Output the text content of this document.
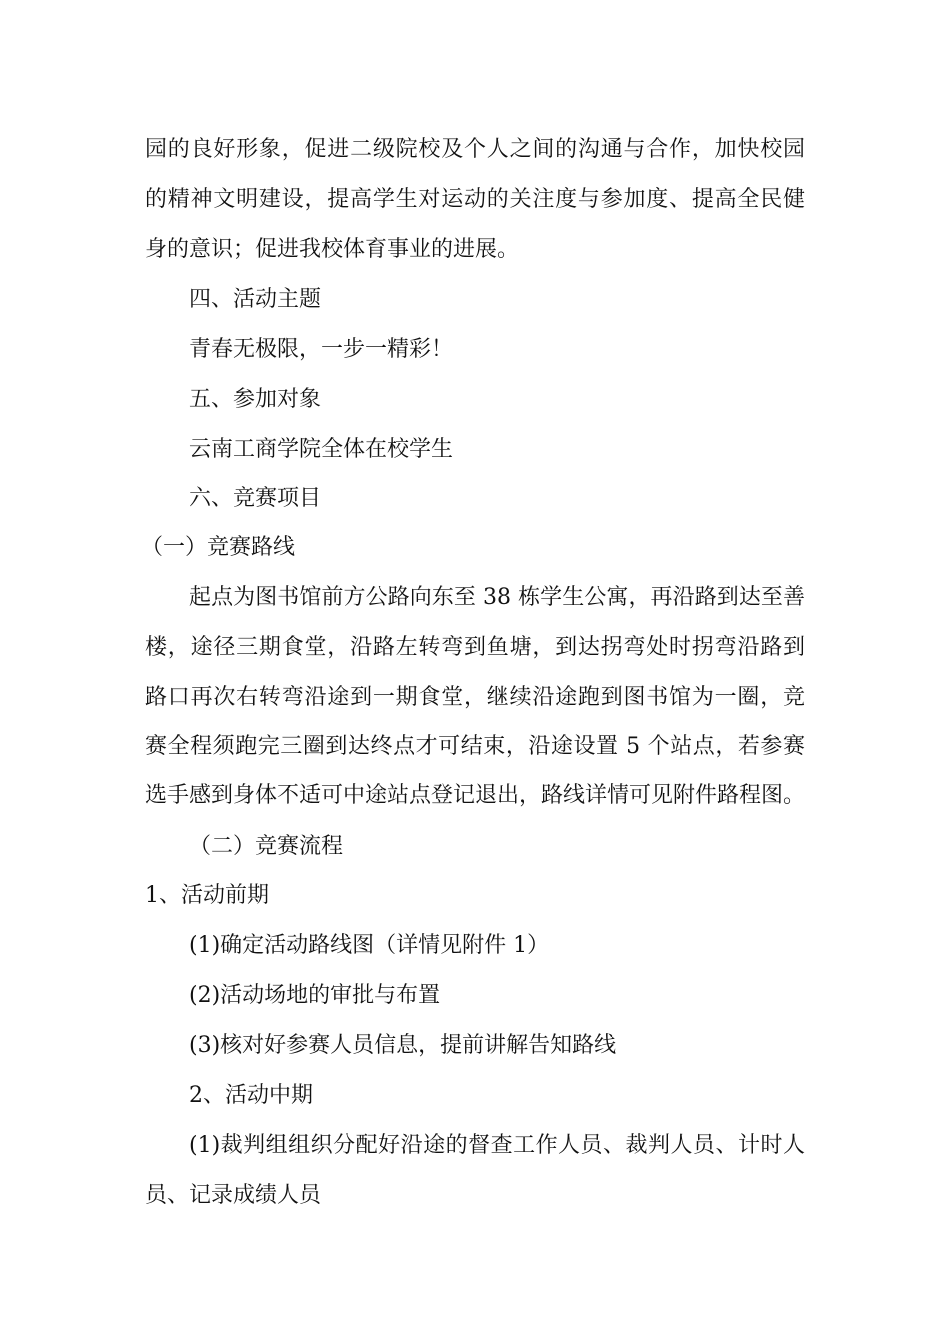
园的良好形象，促进二级院校及个人之间的沟通与合作，加快校园
的精神文明建设，提高学生对运动的关注度与参加度、提高全民健
身的意识；促进我校体育事业的进展。
四、活动主题
青春无极限，一步一精彩！
五、参加对象
云南工商学院全体在校学生
六、竞赛项目
（一）竞赛路线
起点为图书馆前方公路向东至 38 栋学生公寓，再沿路到达至善
楼，途径三期食堂，沿路左转弯到鱼塘，到达拐弯处时拐弯沿路到
路口再次右转弯沿途到一期食堂，继续沿途跑到图书馆为一圈，竞
赛全程须跑完三圈到达终点才可结束，沿途设置 5 个站点，若参赛
选手感到身体不适可中途站点登记退出，路线详情可见附件路程图。
（二）竞赛流程
1、活动前期
(1)确定活动路线图（详情见附件 1）
(2)活动场地的审批与布置
(3)核对好参赛人员信息，提前讲解告知路线
2、活动中期
(1)裁判组组织分配好沿途的督查工作人员、裁判人员、计时人
员、记录成绩人员
